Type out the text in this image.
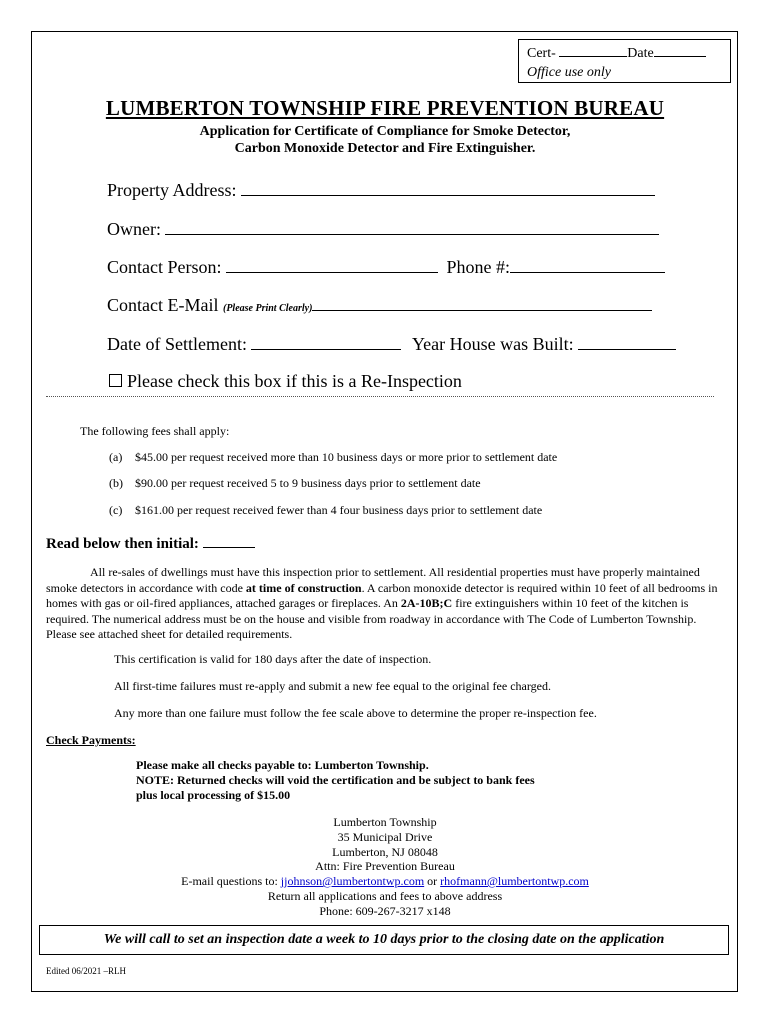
Cert-	Date
Office use only
LUMBERTON TOWNSHIP FIRE PREVENTION BUREAU
Application for Certificate of Compliance for Smoke Detector,
Carbon Monoxide Detector and Fire Extinguisher.
Property Address:
Owner:
Contact Person:	Phone #:
Contact E-Mail (Please Print Clearly)
Date of Settlement:	Year House was Built:
Please check this box if this is a Re-Inspection
The following fees shall apply:
(a) $45.00 per request received more than 10 business days or more prior to settlement date
(b) $90.00 per request received 5 to 9 business days prior to settlement date
(c) $161.00 per request received fewer than 4 four business days prior to settlement date
Read below then initial:
All re-sales of dwellings must have this inspection prior to settlement. All residential properties must have properly maintained smoke detectors in accordance with code at time of construction. A carbon monoxide detector is required within 10 feet of all bedrooms in homes with gas or oil-fired appliances, attached garages or fireplaces. An 2A-10B;C fire extinguishers within 10 feet of the kitchen is required. The numerical address must be on the house and visible from roadway in accordance with The Code of Lumberton Township. Please see attached sheet for detailed requirements.
This certification is valid for 180 days after the date of inspection.
All first-time failures must re-apply and submit a new fee equal to the original fee charged.
Any more than one failure must follow the fee scale above to determine the proper re-inspection fee.
Check Payments:
Please make all checks payable to: Lumberton Township.
NOTE: Returned checks will void the certification and be subject to bank fees
plus local processing of $15.00
Lumberton Township
35 Municipal Drive
Lumberton, NJ 08048
Attn: Fire Prevention Bureau
E-mail questions to: jjohnson@lumbertontwp.com or rhofmann@lumbertontwp.com
Return all applications and fees to above address
Phone: 609-267-3217 x148
We will call to set an inspection date a week to 10 days prior to the closing date on the application
Edited 06/2021 –RLH
